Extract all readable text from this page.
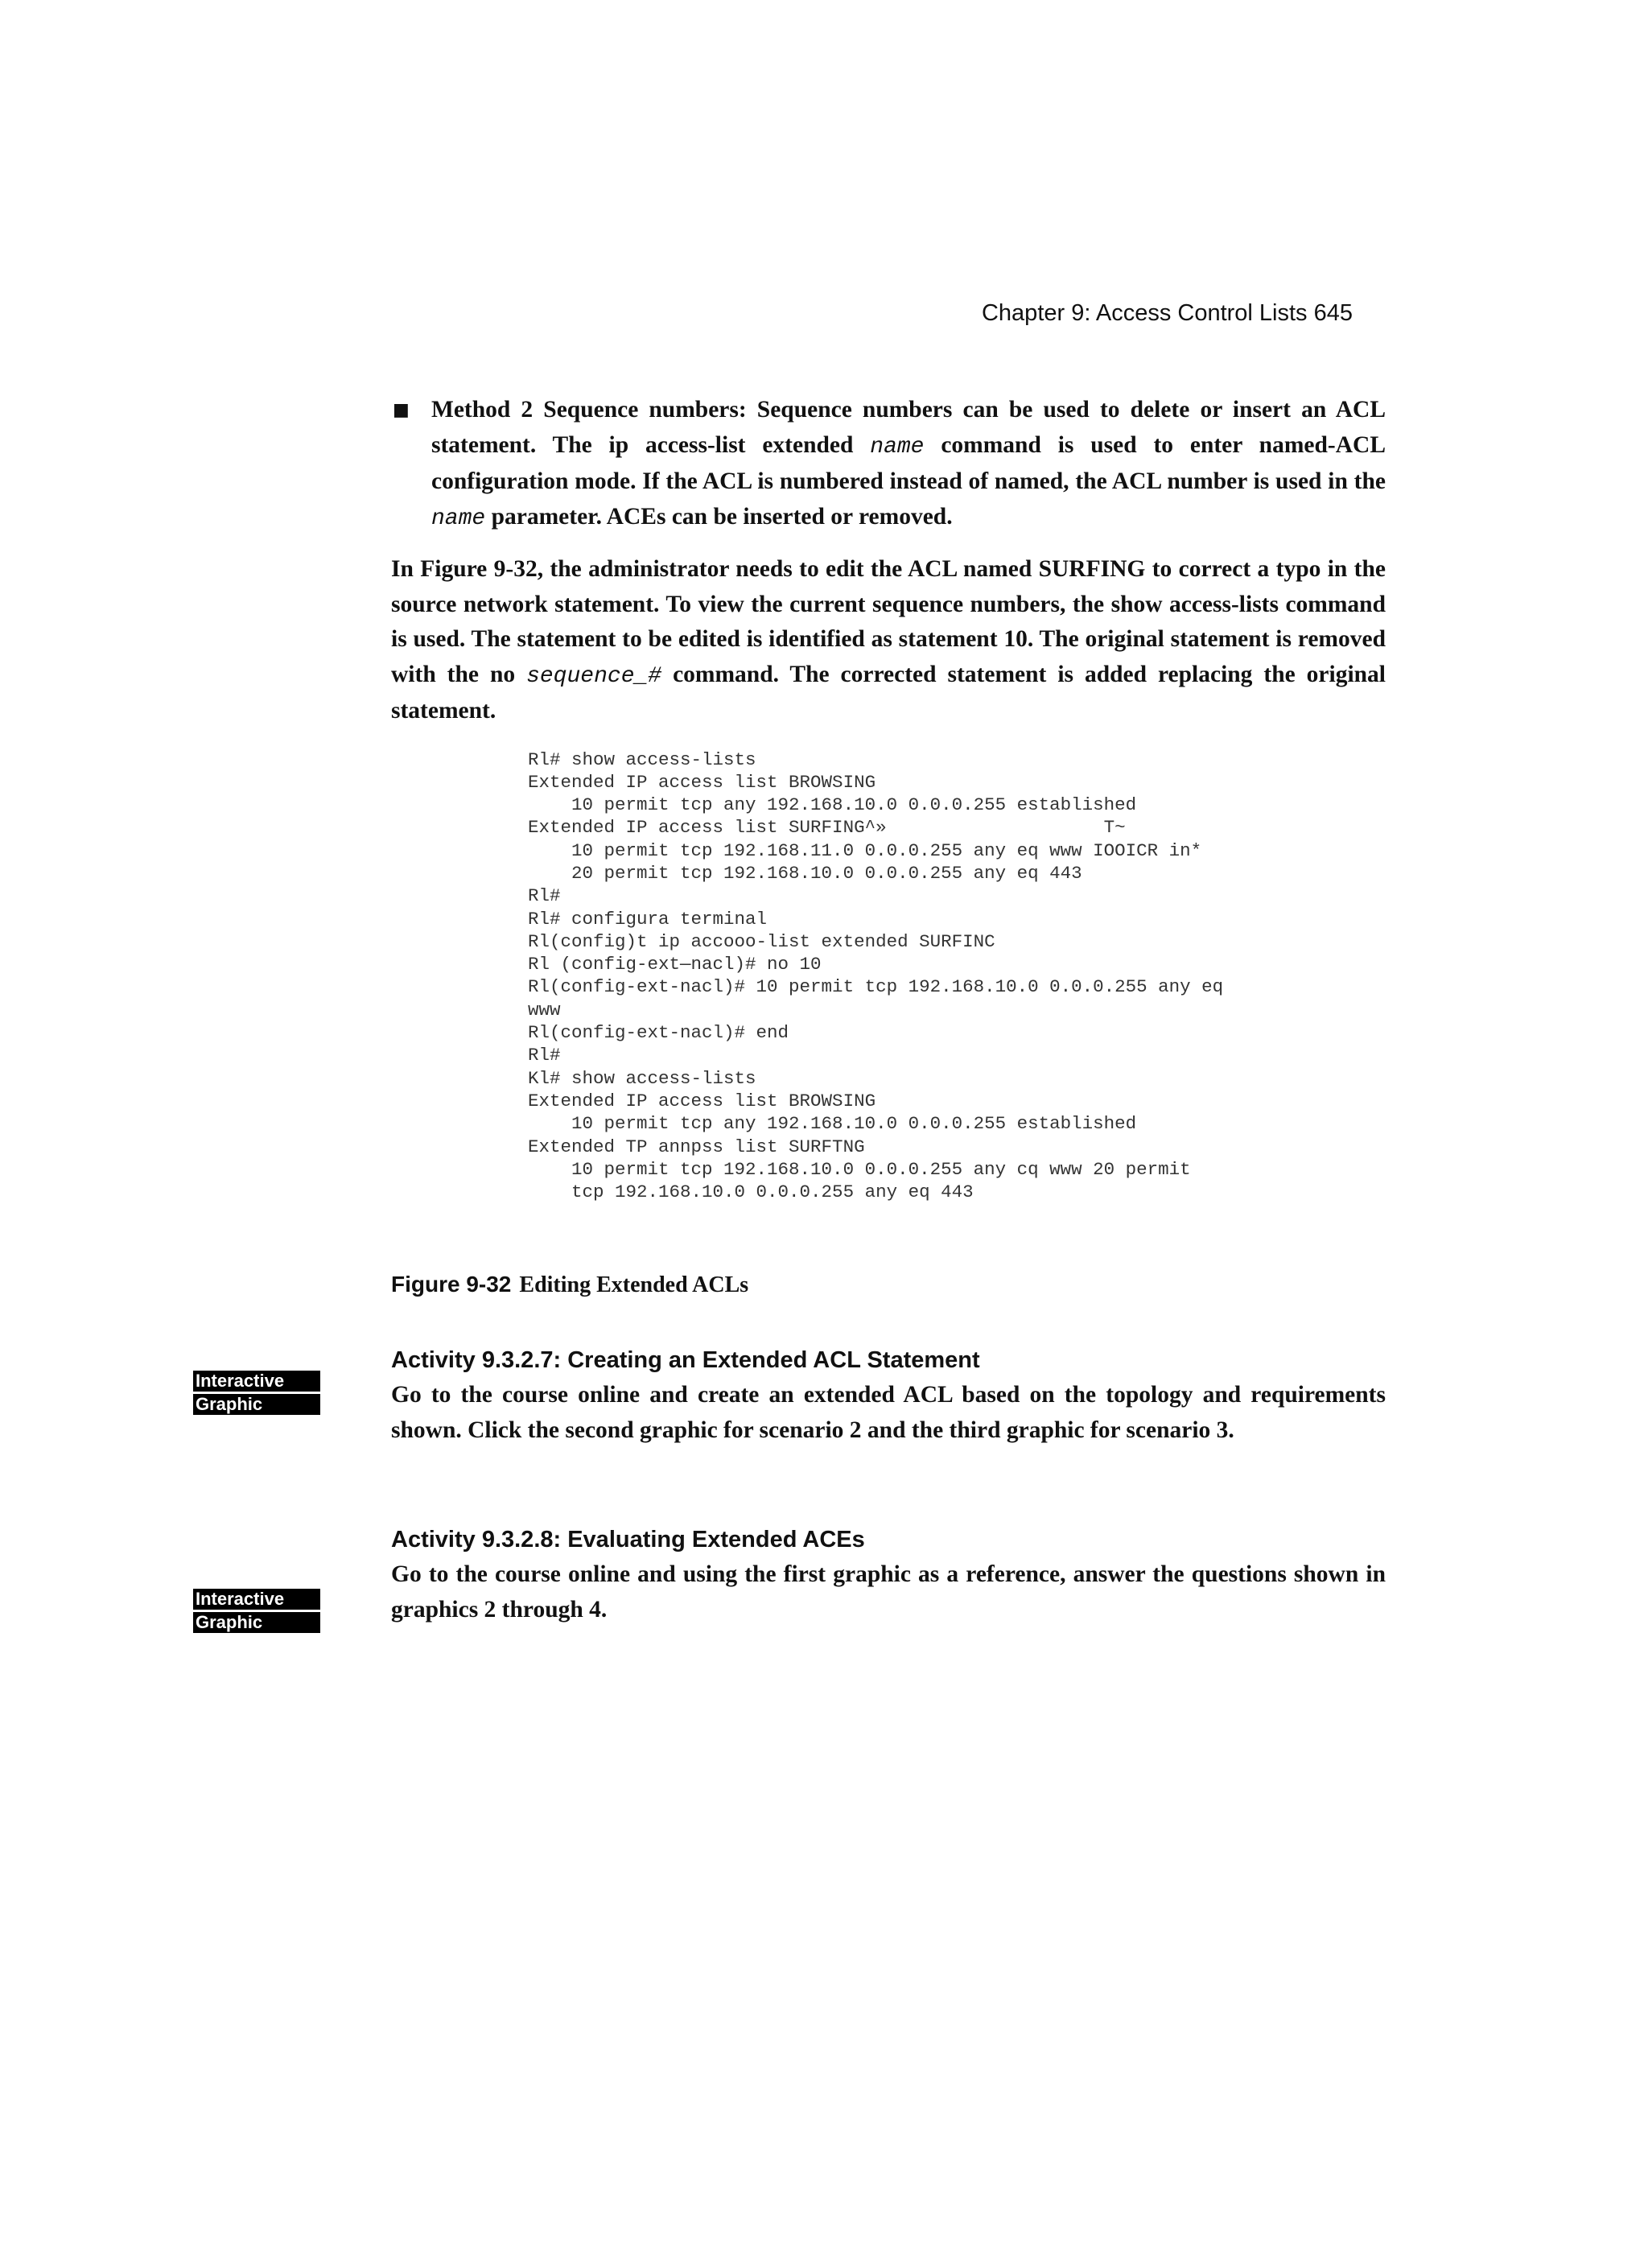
Chapter 9: Access Control Lists 645

■ Method 2 Sequence numbers: Sequence numbers can be used to delete or insert an ACL statement. The ip access-list extended name command is used to enter named-ACL configuration mode. If the ACL is numbered instead of named, the ACL number is used in the name parameter. ACEs can be inserted or removed.

In Figure 9-32, the administrator needs to edit the ACL named SURFING to correct a typo in the source network statement. To view the current sequence numbers, the show access-lists command is used. The statement to be edited is identified as statement 10. The original statement is removed with the no sequence_# command. The corrected statement is added replacing the original statement.

Rl# show access-lists
Extended IP access list BROWSING
10 permit tcp any 192.168.10.0 0.0.0.255 established
Extended IP access list SURFING^»                    T~
10 permit tcp 192.168.11.0 0.0.0.255 any eq www IOOICR in*
20 permit tcp 192.168.10.0 0.0.0.255 any eq 443
Rl#
Rl# configura terminal
Rl(config)t ip accooo-list extended SURFINC
Rl (config-ext—nacl)# no 10
Rl(config-ext-nacl)# 10 permit tcp 192.168.10.0 0.0.0.255 any eq
www
Rl(config-ext-nacl)# end
Rl#
Kl# show access-lists
Extended IP access list BROWSING
10 permit tcp any 192.168.10.0 0.0.0.255 established
Extended TP annpss list SURFTNG
10 permit tcp 192.168.10.0 0.0.0.255 any cq www 20 permit
tcp 192.168.10.0 0.0.0.255 any eq 443
Figure 9-32 Editing Extended ACLs
Interactive
Graphic
Activity 9.3.2.7: Creating an Extended ACL Statement

Go to the course online and create an extended ACL based on the topology and requirements shown. Click the second graphic for scenario 2 and the third graphic for scenario 3.

Interactive
Graphic
Activity 9.3.2.8: Evaluating Extended ACEs

Go to the course online and using the first graphic as a reference, answer the questions shown in graphics 2 through 4.
